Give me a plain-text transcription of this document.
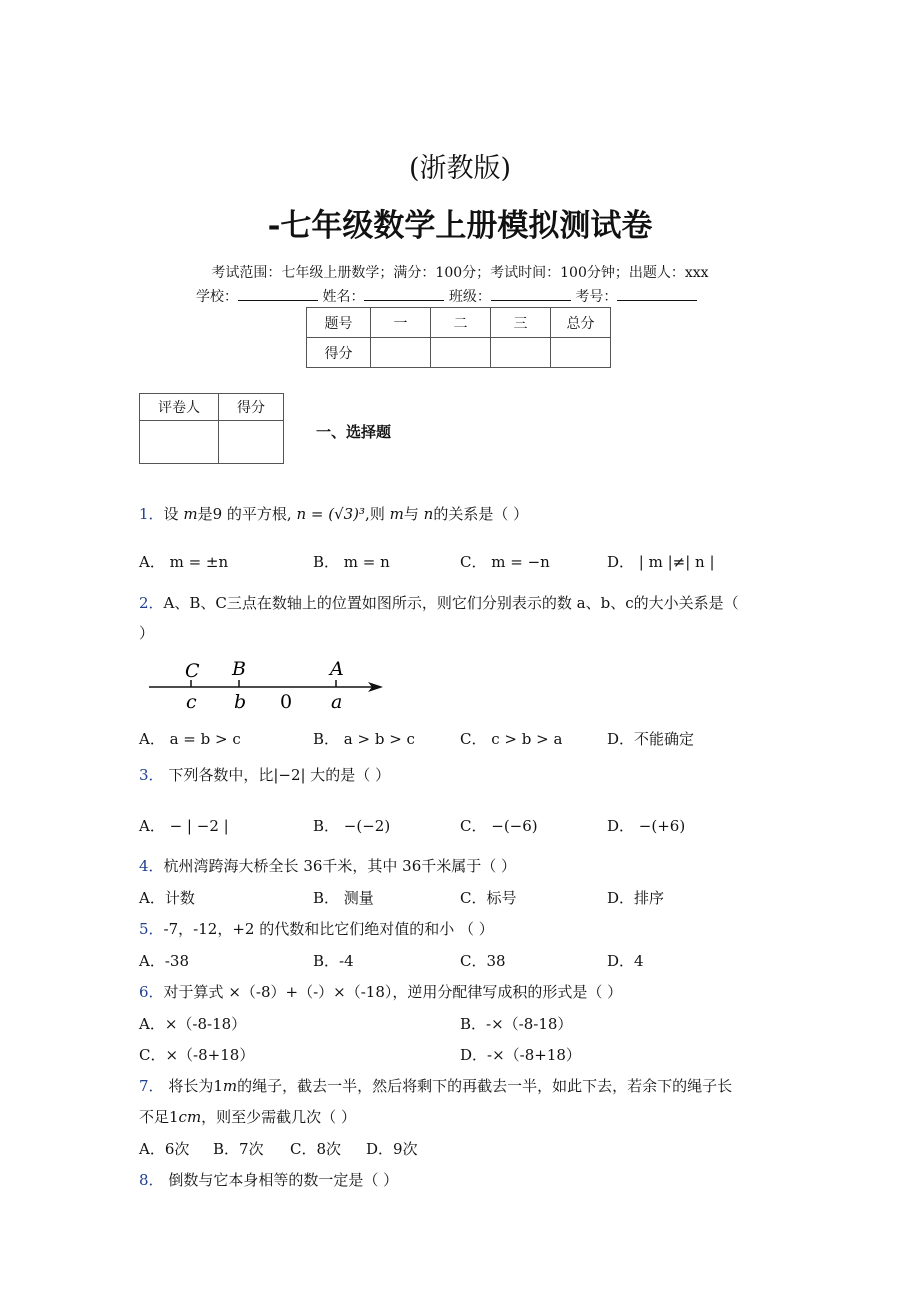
(浙教版)
-七年级数学上册模拟测试卷
考试范围：七年级上册数学；满分：100分；考试时间：100分钟；出题人：xxx
学校：	姓名：	班级：	考号：
题号	一	二	三	总分
得分				
评卷人	得分

一、选择题
1．设 m是9 的平方根, n = (√3)³,则 m与 n的关系是（ ）
A． m = ±n	B． m = n	C． m = −n	D． | m |≠| n |
2．A、B、C三点在数轴上的位置如图所示，则它们分别表示的数 a、b、c的大小关系是（
）
C B	A
c b 0 a
A． a = b > c	B． a > b > c	C． c > b > a	D．不能确定
3． 下列各数中，比|−2| 大的是（ ）
A． − | −2 |	B． −(−2)	C． −(−6)	D． −(+6)
4．杭州湾跨海大桥全长 36千米，其中 36千米属于（ ）
A．计数	B． 测量	C．标号	D．排序
5．-7，-12，+2 的代数和比它们绝对值的和小 （ ）
A．-38	B．-4	C．38	D．4
6．对于算式 ×（-8）+（-）×（-18），逆用分配律写成积的形式是（ ）
A．×（-8-18）	B．-×（-8-18）
C．×（-8+18）	D．-×（-8+18）
7． 将长为1m的绳子，截去一半，然后将剩下的再截去一半，如此下去，若余下的绳子长
不足1cm，则至少需截几次（ ）
A．6次 B．7次 C．8次 D．9次
8． 倒数与它本身相等的数一定是（ ）
